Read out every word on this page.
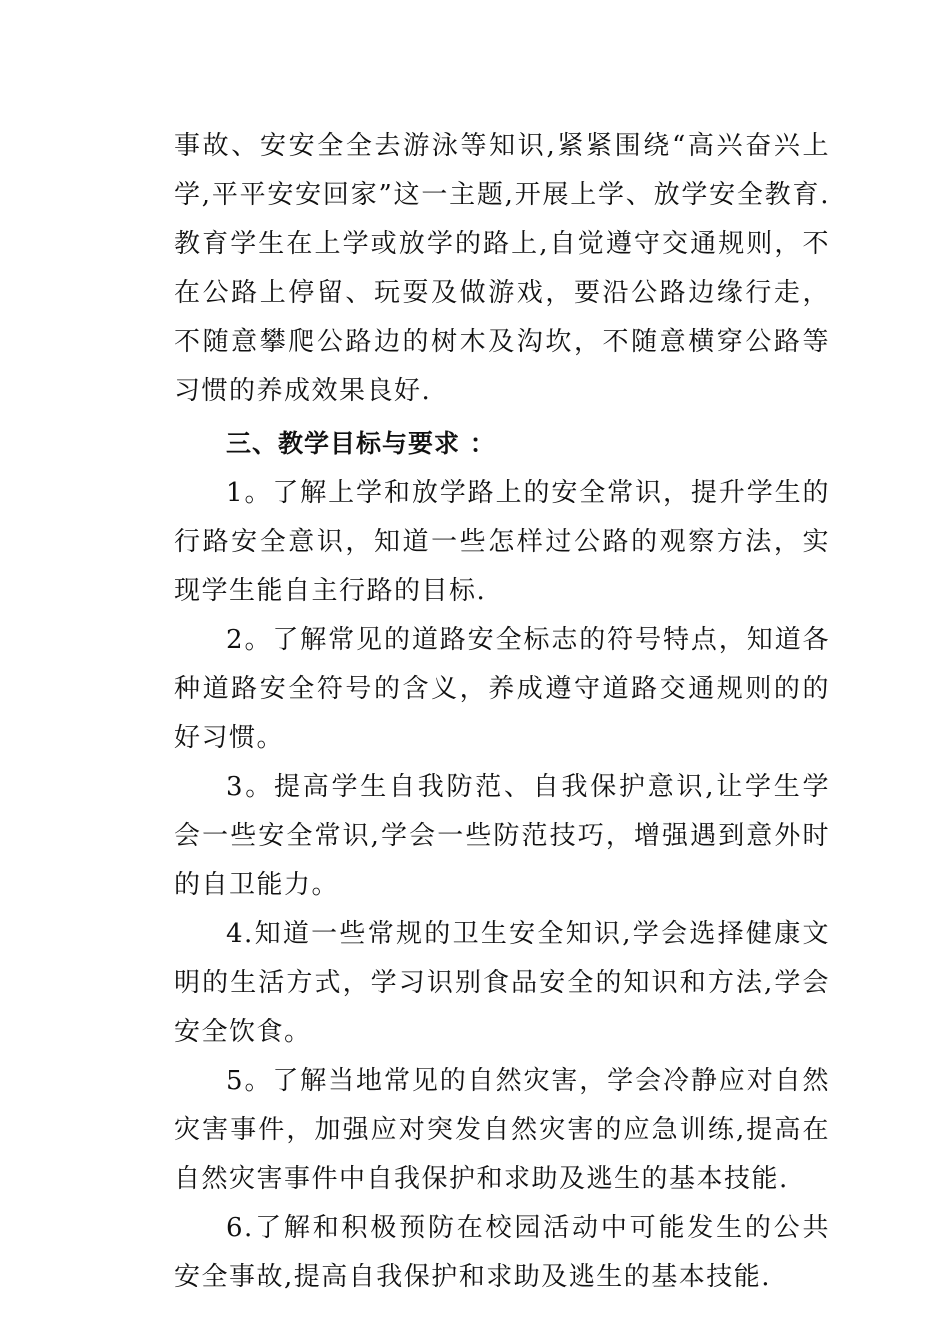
事故、安安全全去游泳等知识,紧紧围绕“高兴奋兴上学,平平安安回家”这一主题,开展上学、放学安全教育.教育学生在上学或放学的路上,自觉遵守交通规则，不在公路上停留、玩耍及做游戏，要沿公路边缘行走，不随意攀爬公路边的树木及沟坎，不随意横穿公路等习惯的养成效果良好.

三、教学目标与要求 ：

1。了解上学和放学路上的安全常识，提升学生的行路安全意识，知道一些怎样过公路的观察方法，实现学生能自主行路的目标.

2。了解常见的道路安全标志的符号特点，知道各种道路安全符号的含义，养成遵守道路交通规则的的好习惯。

3。提高学生自我防范、自我保护意识,让学生学会一些安全常识,学会一些防范技巧，增强遇到意外时的自卫能力。

4.知道一些常规的卫生安全知识,学会选择健康文明的生活方式，学习识别食品安全的知识和方法,学会安全饮食。

5。了解当地常见的自然灾害，学会冷静应对自然灾害事件，加强应对突发自然灾害的应急训练,提高在自然灾害事件中自我保护和求助及逃生的基本技能.

6.了解和积极预防在校园活动中可能发生的公共安全事故,提高自我保护和求助及逃生的基本技能.
